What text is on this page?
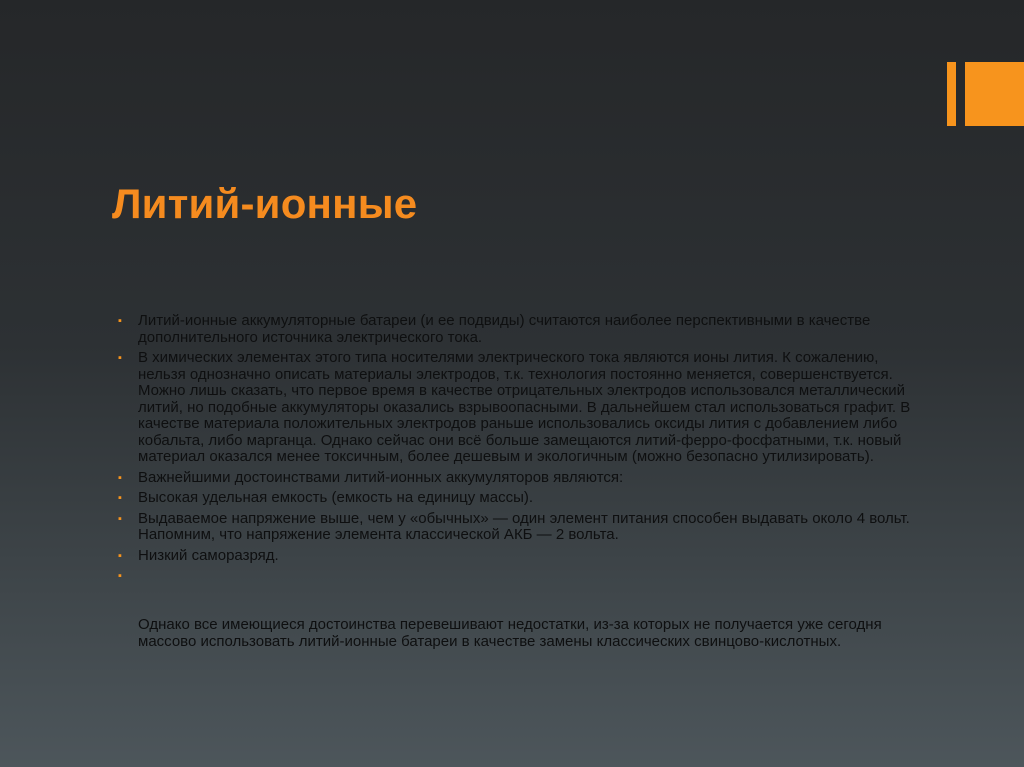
Литий-ионные
▪ Литий-ионные аккумуляторные батареи (и ее подвиды) считаются наиболее перспективными в качестве дополнительного источника электрического тока.
▪ В химических элементах этого типа носителями электрического тока являются ионы лития. К сожалению, нельзя однозначно описать материалы электродов, т.к. технология постоянно меняется, совершенствуется. Можно лишь сказать, что первое время в качестве отрицательных электродов использовался металлический литий, но подобные аккумуляторы оказались взрывоопасными. В дальнейшем стал использоваться графит. В качестве материала положительных электродов раньше использовались оксиды лития с добавлением либо кобальта, либо марганца. Однако сейчас они всё больше замещаются литий-ферро-фосфатными, т.к. новый материал оказался менее токсичным, более дешевым и экологичным (можно безопасно утилизировать).
▪ Важнейшими достоинствами литий-ионных аккумуляторов являются:
▪ Высокая удельная емкость (емкость на единицу массы).
▪ Выдаваемое напряжение выше, чем у «обычных» — один элемент питания способен выдавать около 4 вольт. Напомним, что напряжение элемента классической АКБ — 2 вольта.
▪ Низкий саморазряд.
▪

Однако все имеющиеся достоинства перевешивают недостатки, из-за которых не получается уже сегодня массово использовать литий-ионные батареи в качестве замены классических свинцово-кислотных.
